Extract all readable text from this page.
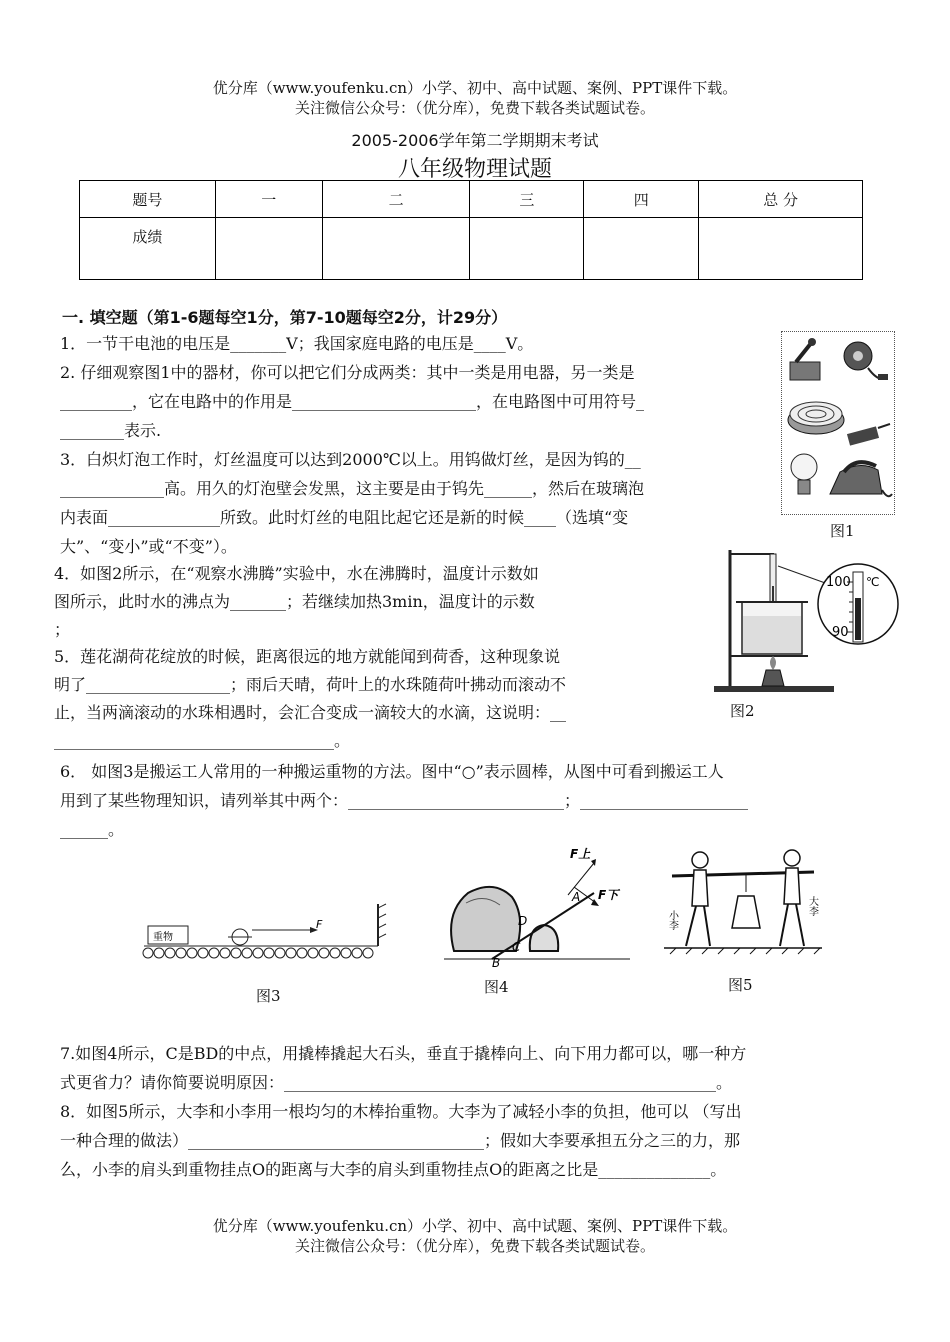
优分库（www.youfenku.cn）小学、初中、高中试题、案例、PPT课件下载。
关注微信公众号：（优分库），免费下载各类试题试卷。
2005-2006学年第二学期期末考试
八年级物理试题
题号	一	二	三	四	总 分
成绩					
一. 填空题（第1-6题每空1分，第7-10题每空2分，计29分）
1．一节干电池的电压是_______V；我国家庭电路的电压是____V。
2. 仔细观察图1中的器材，你可以把它们分成两类：其中一类是用电器，另一类是
_________，它在电路中的作用是_______________________，在电路图中可用符号_
________表示.
3．白炽灯泡工作时，灯丝温度可以达到2000℃以上。用钨做灯丝，是因为钨的__
_____________高。用久的灯泡壁会发黑，这主要是由于钨先______，然后在玻璃泡
内表面______________所致。此时灯丝的电阻比起它还是新的时候____（选填“变
大”、“变小”或“不变”）。
图1
4．如图2所示，在“观察水沸腾”实验中，水在沸腾时，温度计示数如
图所示，此时水的沸点为_______；若继续加热3min，温度计的示数
；
5．莲花湖荷花绽放的时候，距离很远的地方就能闻到荷香，这种现象说
明了__________________；雨后天晴，荷叶上的水珠随荷叶拂动而滚动不
止，当两滴滚动的水珠相遇时，会汇合变成一滴较大的水滴，这说明：__
___________________________________。
100 ℃
90
图2
6． 如图3是搬运工人常用的一种搬运重物的方法。图中“○”表示圆棒，从图中可看到搬运工人
用到了某些物理知识，请列举其中两个：___________________________；_____________________
______。
重物
F
图3
F上
F下
A
D
C
B
图4
小李
大李
图5
7.如图4所示，C是BD的中点，用撬棒撬起大石头，垂直于撬棒向上、向下用力都可以，哪一种方
式更省力？请你简要说明原因：______________________________________________________。
8．如图5所示，大李和小李用一根均匀的木棒抬重物。大李为了减轻小李的负担，他可以 （写出
一种合理的做法）_____________________________________；假如大李要承担五分之三的力，那
么，小李的肩头到重物挂点O的距离与大李的肩头到重物挂点O的距离之比是______________。
优分库（www.youfenku.cn）小学、初中、高中试题、案例、PPT课件下载。
关注微信公众号：（优分库），免费下载各类试题试卷。
